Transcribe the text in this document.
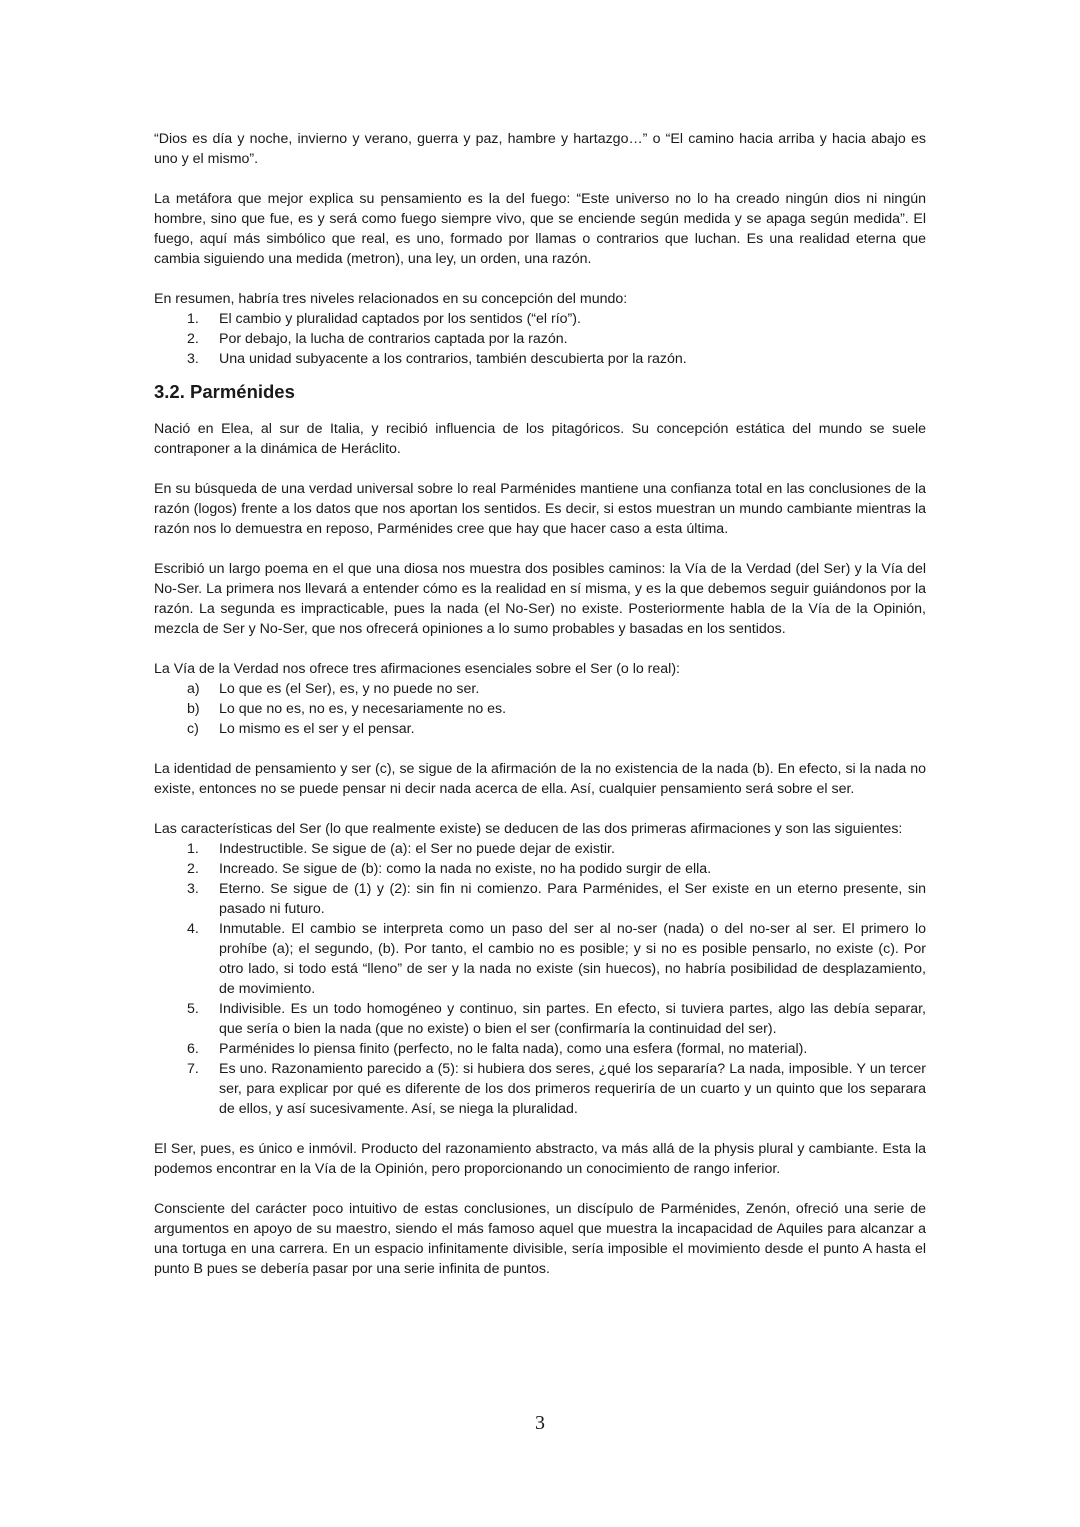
“Dios es día y noche, invierno y verano, guerra y paz, hambre y hartazgo…” o “El camino hacia arriba y hacia abajo es uno y el mismo”.

La metáfora que mejor explica su pensamiento es la del fuego: “Este universo no lo ha creado ningún dios ni ningún hombre, sino que fue, es y será como fuego siempre vivo, que se enciende según medida y se apaga según medida”. El fuego, aquí más simbólico que real, es uno, formado por llamas o contrarios que luchan. Es una realidad eterna que cambia siguiendo una medida (metron), una ley, un orden, una razón.

En resumen, habría tres niveles relacionados en su concepción del mundo:

1.	El cambio y pluralidad captados por los sentidos (“el río”).
2.	Por debajo, la lucha de contrarios captada por la razón.
3.	Una unidad subyacente a los contrarios, también descubierta por la razón.
3.2. Parménides

Nació en Elea, al sur de Italia, y recibió influencia de los pitagóricos. Su concepción estática del mundo se suele contraponer a la dinámica de Heráclito.

En su búsqueda de una verdad universal sobre lo real Parménides mantiene una confianza total en las conclusiones de la razón (logos) frente a los datos que nos aportan los sentidos. Es decir, si estos muestran un mundo cambiante mientras la razón nos lo demuestra en reposo, Parménides cree que hay que hacer caso a esta última.

Escribió un largo poema en el que una diosa nos muestra dos posibles caminos: la Vía de la Verdad (del Ser) y la Vía del No-Ser. La primera nos llevará a entender cómo es la realidad en sí misma, y es la que debemos seguir guiándonos por la razón. La segunda es impracticable, pues la nada (el No-Ser) no existe. Posteriormente habla de la Vía de la Opinión, mezcla de Ser y No-Ser, que nos ofrecerá opiniones a lo sumo probables y basadas en los sentidos.

La Vía de la Verdad nos ofrece tres afirmaciones esenciales sobre el Ser (o lo real):

a)	Lo que es (el Ser), es, y no puede no ser.
b)	Lo que no es, no es, y necesariamente no es.
c)	Lo mismo es el ser y el pensar.

La identidad de pensamiento y ser (c), se sigue de la afirmación de la no existencia de la nada (b). En efecto, si la nada no existe, entonces no se puede pensar ni decir nada acerca de ella. Así, cualquier pensamiento será sobre el ser.

Las características del Ser (lo que realmente existe) se deducen de las dos primeras afirmaciones y son las siguientes:

1.	Indestructible. Se sigue de (a): el Ser no puede dejar de existir.
2.	Increado. Se sigue de (b): como la nada no existe, no ha podido surgir de ella.
3.	Eterno. Se sigue de (1) y (2): sin fin ni comienzo. Para Parménides, el Ser existe en un eterno presente, sin pasado ni futuro.
4.	Inmutable. El cambio se interpreta como un paso del ser al no-ser (nada) o del no-ser al ser. El primero lo prohíbe (a); el segundo, (b). Por tanto, el cambio no es posible; y si no es posible pensarlo, no existe (c). Por otro lado, si todo está “lleno” de ser y la nada no existe (sin huecos), no habría posibilidad de desplazamiento, de movimiento.
5.	Indivisible. Es un todo homogéneo y continuo, sin partes. En efecto, si tuviera partes, algo las debía separar, que sería o bien la nada (que no existe) o bien el ser (confirmaría la continuidad del ser).
6.	Parménides lo piensa finito (perfecto, no le falta nada), como una esfera (formal, no material).
7.	Es uno. Razonamiento parecido a (5): si hubiera dos seres, ¿qué los separaría? La nada, imposible. Y un tercer ser, para explicar por qué es diferente de los dos primeros requeriría de un cuarto y un quinto que los separara de ellos, y así sucesivamente. Así, se niega la pluralidad.

El Ser, pues, es único e inmóvil. Producto del razonamiento abstracto, va más allá de la physis plural y cambiante. Esta la podemos encontrar en la Vía de la Opinión, pero proporcionando un conocimiento de rango inferior.

Consciente del carácter poco intuitivo de estas conclusiones, un discípulo de Parménides, Zenón, ofreció una serie de argumentos en apoyo de su maestro, siendo el más famoso aquel que muestra la incapacidad de Aquiles para alcanzar a una tortuga en una carrera. En un espacio infinitamente divisible, sería imposible el movimiento desde el punto A hasta el punto B pues se debería pasar por una serie infinita de puntos.

3
